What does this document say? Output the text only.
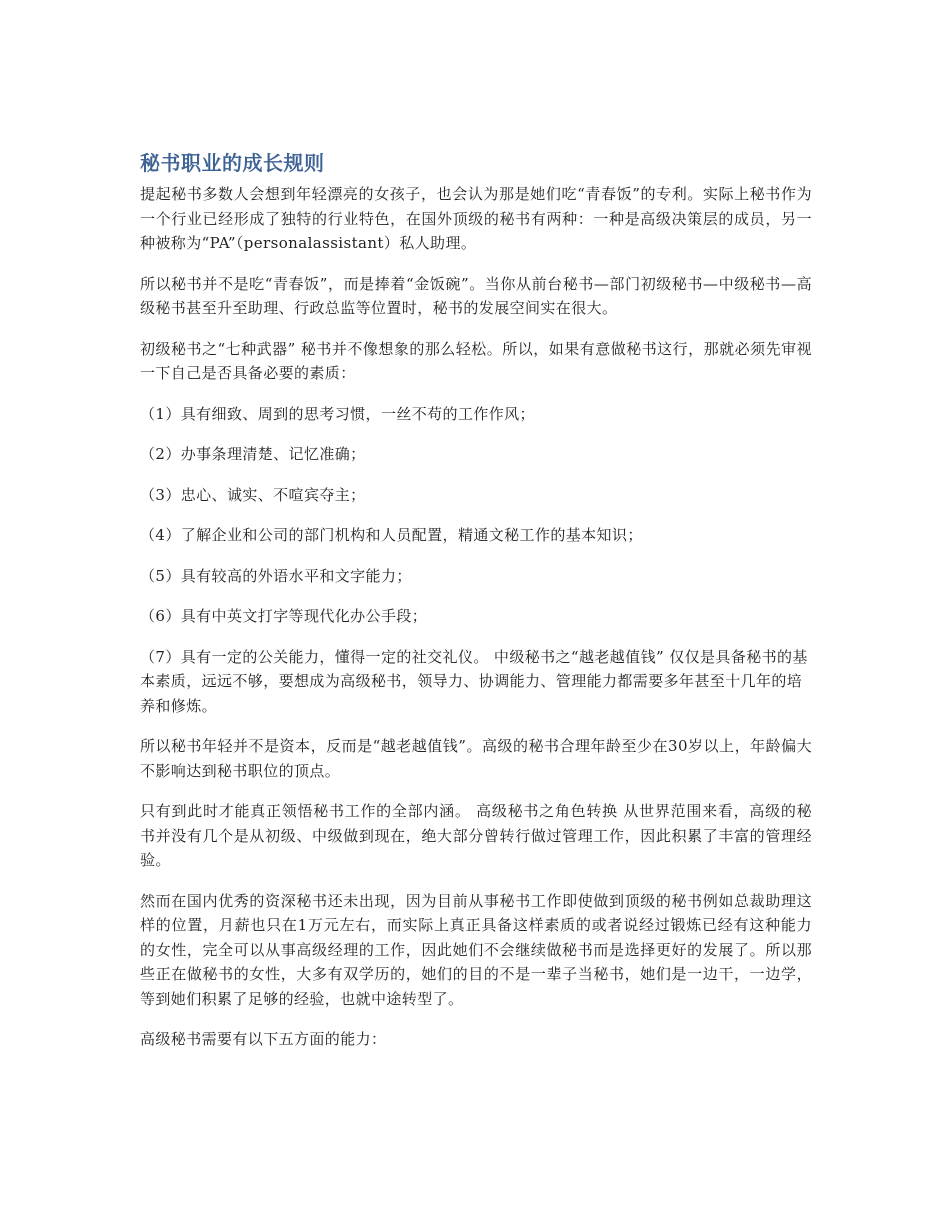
秘书职业的成长规则

提起秘书多数人会想到年轻漂亮的女孩子，也会认为那是她们吃“青春饭”的专利。实际上秘书作为一个行业已经形成了独特的行业特色，在国外顶级的秘书有两种：一种是高级决策层的成员，另一种被称为“PA”（personalassistant）私人助理。

所以秘书并不是吃“青春饭”，而是捧着“金饭碗”。当你从前台秘书—部门初级秘书—中级秘书—高级秘书甚至升至助理、行政总监等位置时，秘书的发展空间实在很大。

初级秘书之“七种武器” 秘书并不像想象的那么轻松。所以，如果有意做秘书这行，那就必须先审视一下自己是否具备必要的素质：

（1）具有细致、周到的思考习惯，一丝不苟的工作作风；

（2）办事条理清楚、记忆准确；

（3）忠心、诚实、不喧宾夺主；

（4）了解企业和公司的部门机构和人员配置，精通文秘工作的基本知识；

（5）具有较高的外语水平和文字能力；

（6）具有中英文打字等现代化办公手段；

（7）具有一定的公关能力，懂得一定的社交礼仪。 中级秘书之“越老越值钱” 仅仅是具备秘书的基本素质，远远不够，要想成为高级秘书，领导力、协调能力、管理能力都需要多年甚至十几年的培养和修炼。

所以秘书年轻并不是资本，反而是“越老越值钱”。高级的秘书合理年龄至少在30岁以上，年龄偏大不影响达到秘书职位的顶点。

只有到此时才能真正领悟秘书工作的全部内涵。 高级秘书之角色转换 从世界范围来看，高级的秘书并没有几个是从初级、中级做到现在，绝大部分曾转行做过管理工作，因此积累了丰富的管理经验。

然而在国内优秀的资深秘书还未出现，因为目前从事秘书工作即使做到顶级的秘书例如总裁助理这样的位置，月薪也只在1万元左右，而实际上真正具备这样素质的或者说经过锻炼已经有这种能力的女性，完全可以从事高级经理的工作，因此她们不会继续做秘书而是选择更好的发展了。所以那些正在做秘书的女性，大多有双学历的，她们的目的不是一辈子当秘书，她们是一边干，一边学，等到她们积累了足够的经验，也就中途转型了。

高级秘书需要有以下五方面的能力：
